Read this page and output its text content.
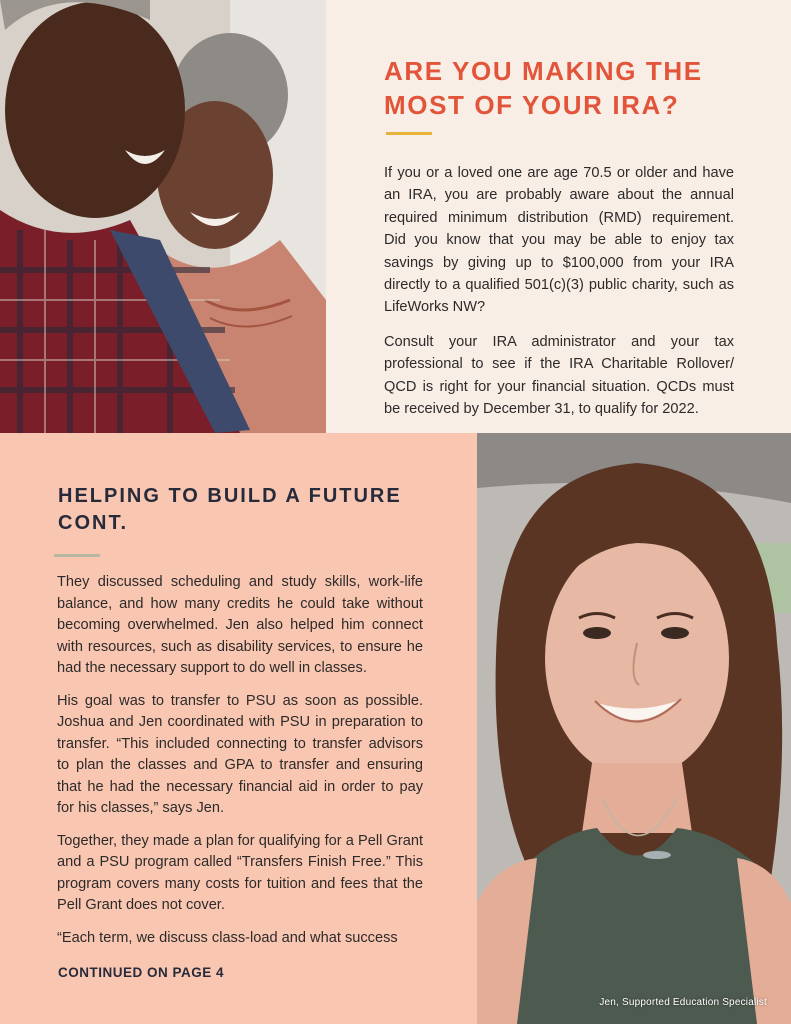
ARE YOU MAKING THE MOST OF YOUR IRA?

If you or a loved one are age 70.5 or older and have an IRA, you are probably aware about the annual required minimum distribution (RMD) requirement. Did you know that you may be able to enjoy tax savings by giving up to $100,000 from your IRA directly to a qualified 501(c)(3) public charity, such as LifeWorks NW?

Consult your IRA administrator and your tax professional to see if the IRA Charitable Rollover/ QCD is right for your financial situation. QCDs must be received by December 31, to qualify for 2022.

HELPING TO BUILD A FUTURE CONT.

They discussed scheduling and study skills, work-life balance, and how many credits he could take without becoming overwhelmed. Jen also helped him connect with resources, such as disability services, to ensure he had the necessary support to do well in classes.

His goal was to transfer to PSU as soon as possible. Joshua and Jen coordinated with PSU in preparation to transfer. “This included connecting to transfer advisors to plan the classes and GPA to transfer and ensuring that he had the necessary financial aid in order to pay for his classes,” says Jen.

Together, they made a plan for qualifying for a Pell Grant and a PSU program called “Transfers Finish Free.” This program covers many costs for tuition and fees that the Pell Grant does not cover.

“Each term, we discuss class-load and what success

CONTINUED ON PAGE 4
Jen, Supported Education Specialist
